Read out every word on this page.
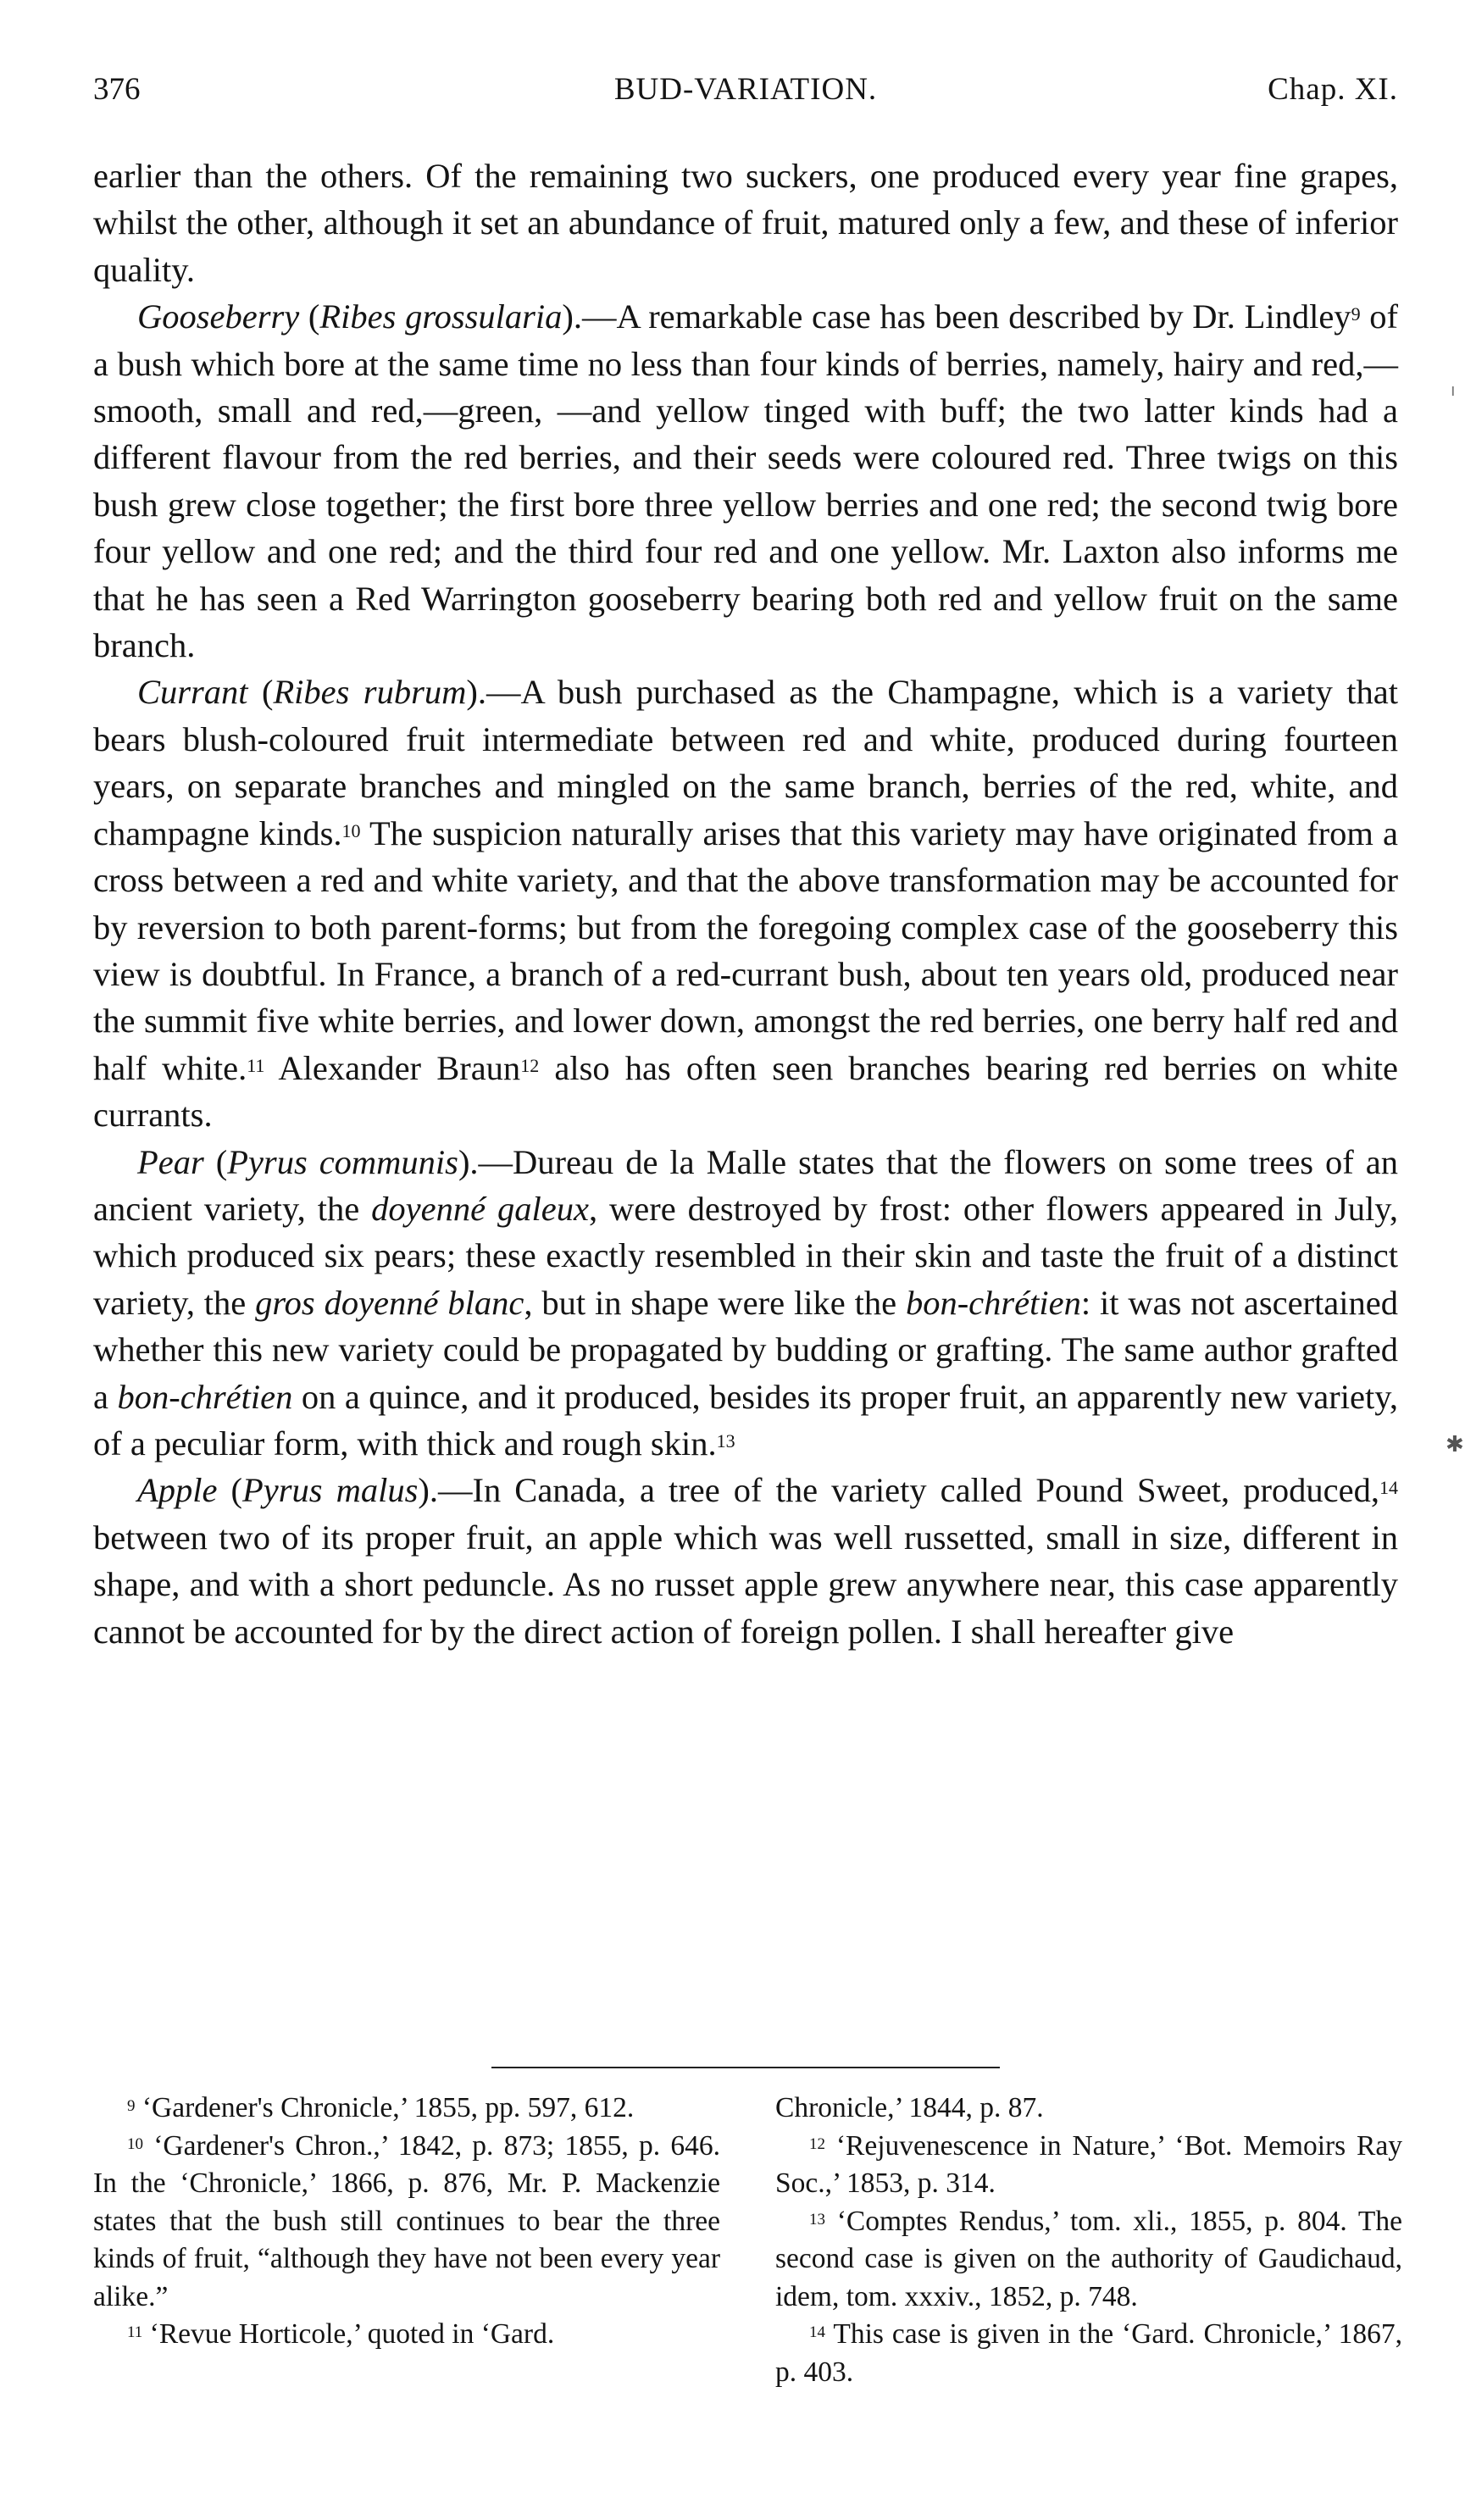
376	BUD-VARIATION.	Chap. XI.

earlier than the others. Of the remaining two suckers, one produced every year fine grapes, whilst the other, although it set an abundance of fruit, matured only a few, and these of inferior quality.

Gooseberry (Ribes grossularia).—A remarkable case has been described by Dr. Lindley$^9$ of a bush which bore at the same time no less than four kinds of berries, namely, hairy and red,—smooth, small and red,—green, —and yellow tinged with buff; the two latter kinds had a different flavour from the red berries, and their seeds were coloured red. Three twigs on this bush grew close together; the first bore three yellow berries and one red; the second twig bore four yellow and one red; and the third four red and one yellow. Mr. Laxton also informs me that he has seen a Red Warrington gooseberry bearing both red and yellow fruit on the same branch.

Currant (Ribes rubrum).—A bush purchased as the Champagne, which is a variety that bears blush-coloured fruit intermediate between red and white, produced during fourteen years, on separate branches and mingled on the same branch, berries of the red, white, and champagne kinds.$^{10}$ The suspicion naturally arises that this variety may have originated from a cross between a red and white variety, and that the above transformation may be accounted for by reversion to both parent-forms; but from the foregoing complex case of the gooseberry this view is doubtful. In France, a branch of a red-currant bush, about ten years old, produced near the summit five white berries, and lower down, amongst the red berries, one berry half red and half white.$^{11}$ Alexander Braun$^{12}$ also has often seen branches bearing red berries on white currants.

Pear (Pyrus communis).—Dureau de la Malle states that the flowers on some trees of an ancient variety, the doyenné galeux, were destroyed by frost: other flowers appeared in July, which produced six pears; these exactly resembled in their skin and taste the fruit of a distinct variety, the gros doyenné blanc, but in shape were like the bon-chrétien: it was not ascertained whether this new variety could be propagated by budding or grafting. The same author grafted a bon-chrétien on a quince, and it produced, besides its proper fruit, an apparently new variety, of a peculiar form, with thick and rough skin.$^{13}$

Apple (Pyrus malus).—In Canada, a tree of the variety called Pound Sweet, produced,$^{14}$ between two of its proper fruit, an apple which was well russetted, small in size, different in shape, and with a short peduncle. As no russet apple grew anywhere near, this case apparently cannot be accounted for by the direct action of foreign pollen. I shall hereafter give

$^9$ ‘Gardener's Chronicle,’ 1855, pp. 597, 612.

$^{10}$ ‘Gardener's Chron.,’ 1842, p. 873; 1855, p. 646. In the ‘Chronicle,’ 1866, p. 876, Mr. P. Mackenzie states that the bush still continues to bear the three kinds of fruit, “although they have not been every year alike.”

$^{11}$ ‘Revue Horticole,’ quoted in ‘Gard.

Chronicle,’ 1844, p. 87.

$^{12}$ ‘Rejuvenescence in Nature,’ ‘Bot. Memoirs Ray Soc.,’ 1853, p. 314.

$^{13}$ ‘Comptes Rendus,’ tom. xli., 1855, p. 804. The second case is given on the authority of Gaudichaud, idem, tom. xxxiv., 1852, p. 748.

$^{14}$ This case is given in the ‘Gard. Chronicle,’ 1867, p. 403.

ı
✱
